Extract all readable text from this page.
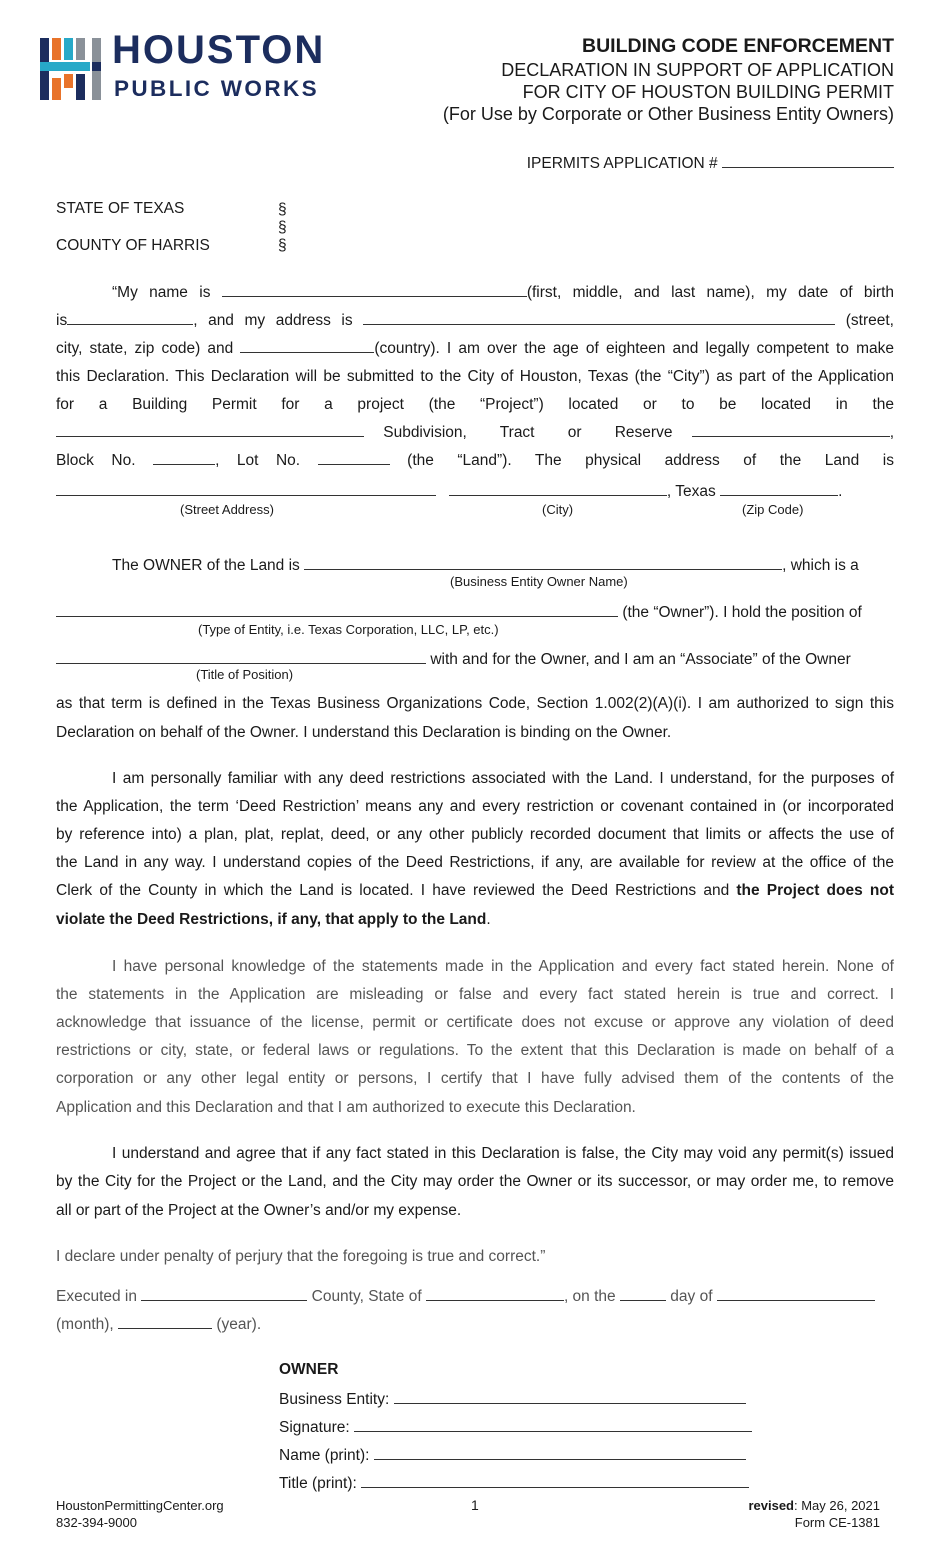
HOUSTON
PUBLIC WORKS
BUILDING CODE ENFORCEMENT
DECLARATION IN SUPPORT OF APPLICATION
FOR CITY OF HOUSTON BUILDING PERMIT
(For Use by Corporate or Other Business Entity Owners)
IPERMITS APPLICATION #
STATE OF TEXAS
COUNTY OF HARRIS
§
§
§
“My name is	(first, middle, and last name), my date of birth
is	, and my address is	(street,
city, state, zip code) and	(country). I am over the age of eighteen and legally competent to make
this Declaration. This Declaration will be submitted to the City of Houston, Texas (the “City”) as part of the Application
for a Building Permit for a project (the “Project”) located or to be located in the
Subdivision, Tract or Reserve	,
Block No.	, Lot No.	(the “Land”). The physical address of the Land is
, Texas	.
(Street Address)	(City)	(Zip Code)
The OWNER of the Land is	, which is a
(Business Entity Owner Name)
(the “Owner”). I hold the position of
(Type of Entity, i.e. Texas Corporation, LLC, LP, etc.)
with and for the Owner, and I am an “Associate” of the Owner
(Title of Position)
as that term is defined in the Texas Business Organizations Code, Section 1.002(2)(A)(i). I am authorized to sign this
Declaration on behalf of the Owner. I understand this Declaration is binding on the Owner.
I am personally familiar with any deed restrictions associated with the Land. I understand, for the purposes of
the Application, the term ‘Deed Restriction’ means any and every restriction or covenant contained in (or incorporated
by reference into) a plan, plat, replat, deed, or any other publicly recorded document that limits or affects the use of
the Land in any way. I understand copies of the Deed Restrictions, if any, are available for review at the office of the
Clerk of the County in which the Land is located. I have reviewed the Deed Restrictions and the Project does not
violate the Deed Restrictions, if any, that apply to the Land.
I have personal knowledge of the statements made in the Application and every fact stated herein. None of
the statements in the Application are misleading or false and every fact stated herein is true and correct. I
acknowledge that issuance of the license, permit or certificate does not excuse or approve any violation of deed
restrictions or city, state, or federal laws or regulations. To the extent that this Declaration is made on behalf of a
corporation or any other legal entity or persons, I certify that I have fully advised them of the contents of the
Application and this Declaration and that I am authorized to execute this Declaration.
I understand and agree that if any fact stated in this Declaration is false, the City may void any permit(s) issued
by the City for the Project or the Land, and the City may order the Owner or its successor, or may order me, to remove
all or part of the Project at the Owner’s and/or my expense.
I declare under penalty of perjury that the foregoing is true and correct.”
Executed in	County, State of	, on the	day of
(month),	(year).
OWNER
Business Entity:
Signature:
Name (print):
Title (print):
HoustonPermittingCenter.org
832-394-9000
1	revised: May 26, 2021
Form CE-1381
